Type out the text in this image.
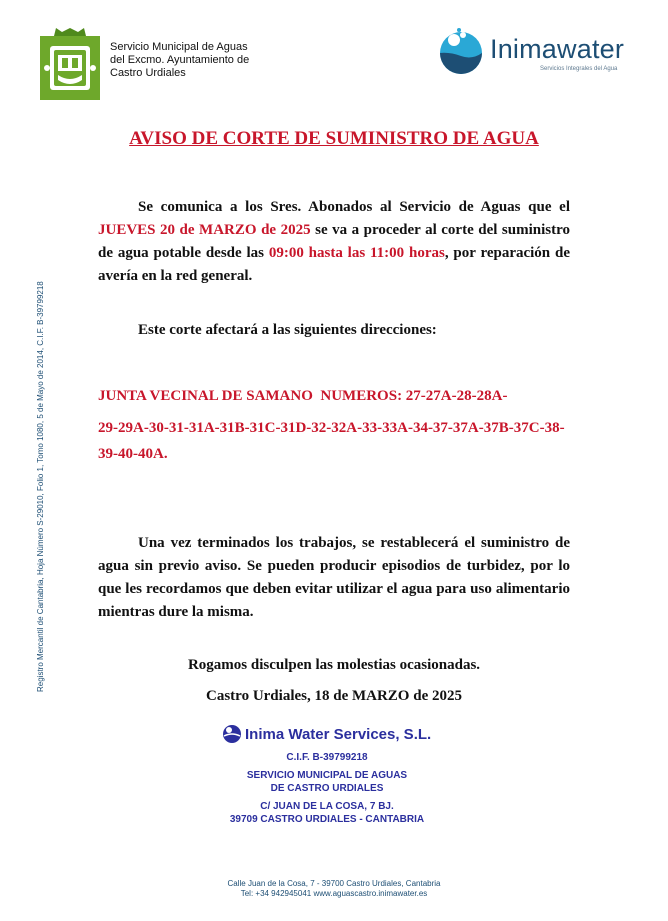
Servicio Municipal de Aguas
del Excmo. Ayuntamiento de
Castro Urdiales
Inimawater
Servicios Integrales del Agua
Registro Mercantil de Cantabria, Hoja Número S-29010, Folio 1, Tomo 1080, 5 de Mayo de 2014, C.I.F. B-39799218
AVISO DE CORTE DE SUMINISTRO DE AGUA
Se comunica a los Sres. Abonados al Servicio de Aguas que el JUEVES 20 de MARZO de 2025 se va a proceder al corte del suministro de agua potable desde las 09:00 hasta las 11:00 horas, por reparación de avería en la red general.
Este corte afectará a las siguientes direcciones:
JUNTA VECINAL DE SAMANO  NUMEROS: 27-27A-28-28A-
29-29A-30-31-31A-31B-31C-31D-32-32A-33-33A-34-37-37A-37B-37C-38-39-40-40A.
Una vez terminados los trabajos, se restablecerá el suministro de agua sin previo aviso. Se pueden producir episodios de turbidez, por lo que les recordamos que deben evitar utilizar el agua para uso alimentario mientras dure la misma.
Rogamos disculpen las molestias ocasionadas.
Castro Urdiales, 18 de MARZO de 2025
Inima Water Services, S.L.
C.I.F. B-39799218
SERVICIO MUNICIPAL DE AGUAS
DE CASTRO URDIALES
C/ JUAN DE LA COSA, 7 BJ.
39709 CASTRO URDIALES - CANTABRIA
Calle Juan de la Cosa, 7 - 39700 Castro Urdiales, Cantabria
Tel: +34 942945041 www.aguascastro.inimawater.es
